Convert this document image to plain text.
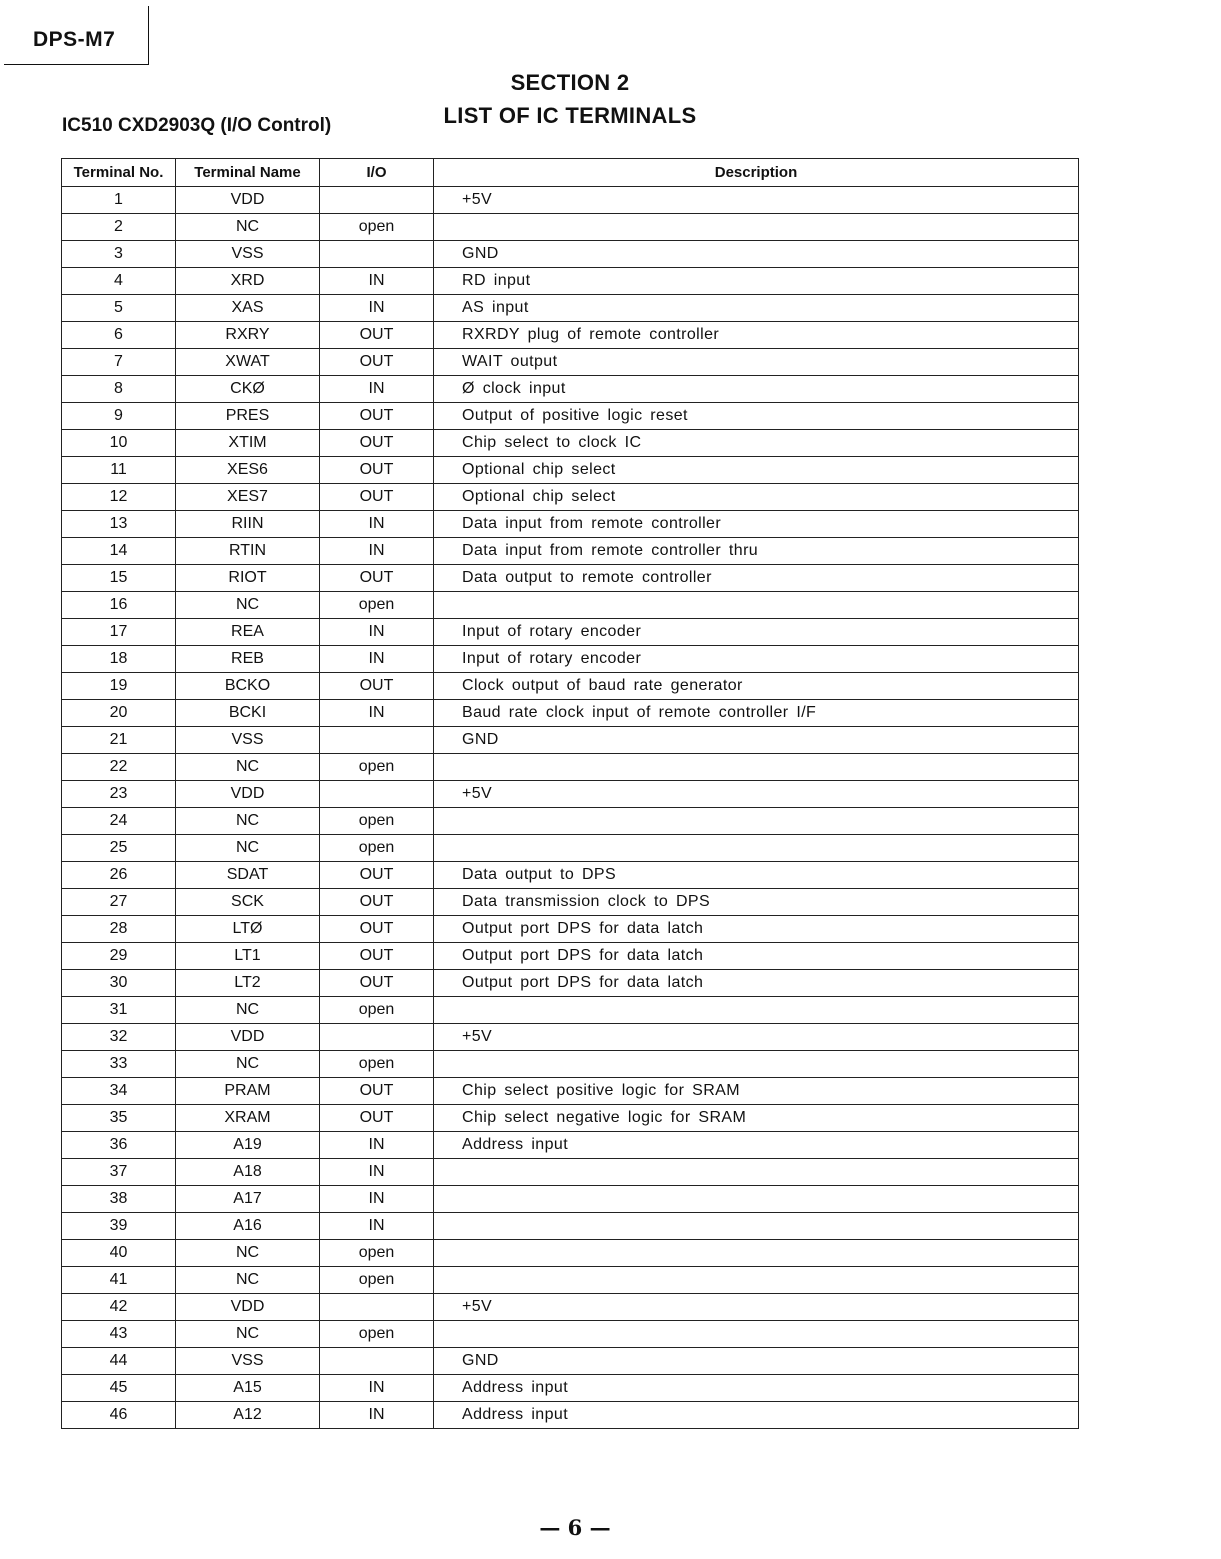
DPS-M7
SECTION 2
LIST OF IC TERMINALS
IC510 CXD2903Q (I/O Control)
Terminal No.	Terminal Name	I/O	Description
1	VDD		+5V
2	NC	open	
3	VSS		GND
4	XRD	IN	RD input
5	XAS	IN	AS input
6	RXRY	OUT	RXRDY plug of remote controller
7	XWAT	OUT	WAIT output
8	CKØ	IN	Ø clock input
9	PRES	OUT	Output of positive logic reset
10	XTIM	OUT	Chip select to clock IC
11	XES6	OUT	Optional chip select
12	XES7	OUT	Optional chip select
13	RIIN	IN	Data input from remote controller
14	RTIN	IN	Data input from remote controller thru
15	RIOT	OUT	Data output to remote controller
16	NC	open	
17	REA	IN	Input of rotary encoder
18	REB	IN	Input of rotary encoder
19	BCKO	OUT	Clock output of baud rate generator
20	BCKI	IN	Baud rate clock input of remote controller I/F
21	VSS		GND
22	NC	open	
23	VDD		+5V
24	NC	open	
25	NC	open	
26	SDAT	OUT	Data output to DPS
27	SCK	OUT	Data transmission clock to DPS
28	LTØ	OUT	Output port DPS for data latch
29	LT1	OUT	Output port DPS for data latch
30	LT2	OUT	Output port DPS for data latch
31	NC	open	
32	VDD		+5V
33	NC	open	
34	PRAM	OUT	Chip select positive logic for SRAM
35	XRAM	OUT	Chip select negative logic for SRAM
36	A19	IN	Address input
37	A18	IN	
38	A17	IN	
39	A16	IN	
40	NC	open	
41	NC	open	
42	VDD		+5V
43	NC	open	
44	VSS		GND
45	A15	IN	Address input
46	A12	IN	Address input
— 6 —
